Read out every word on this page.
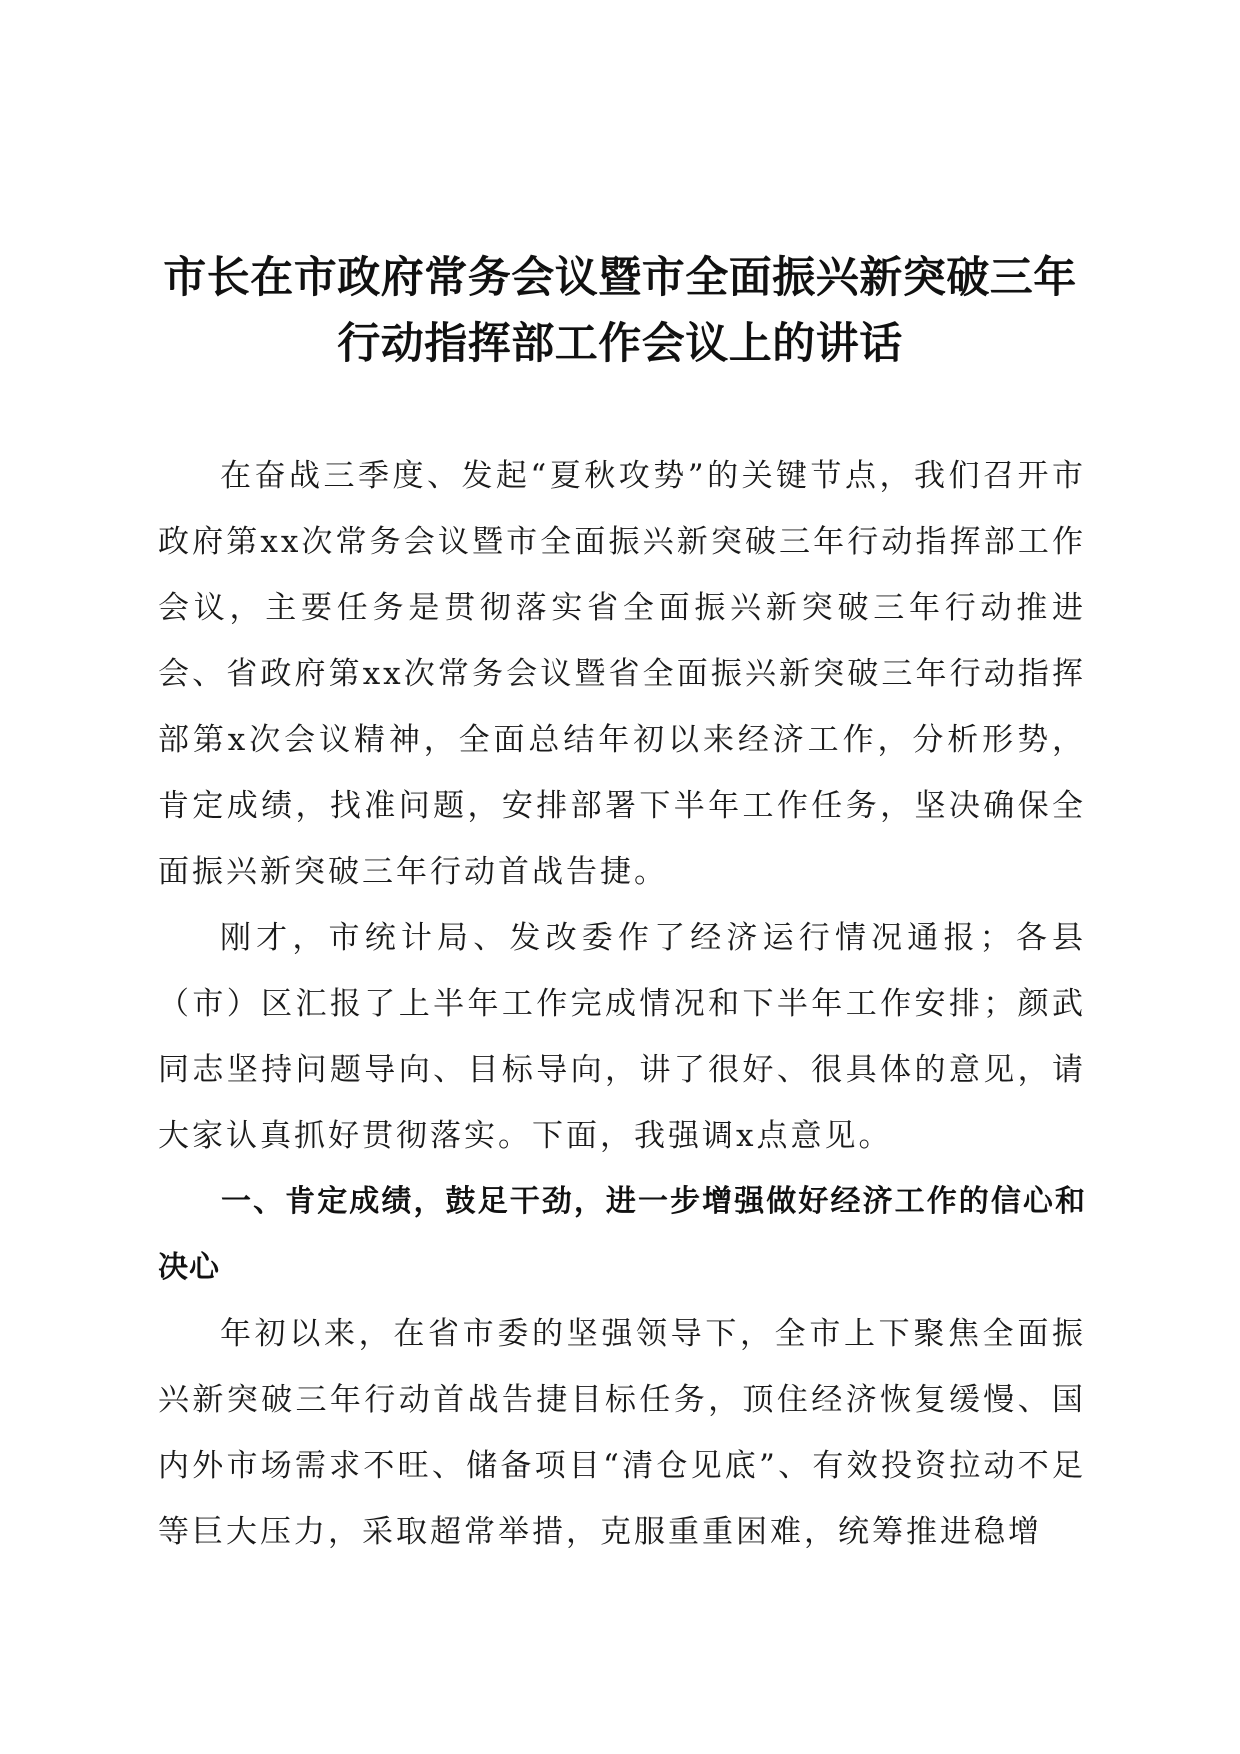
市长在市政府常务会议暨市全面振兴新突破三年行动指挥部工作会议上的讲话

在奋战三季度、发起“夏秋攻势”的关键节点，我们召开市政府第xx次常务会议暨市全面振兴新突破三年行动指挥部工作会议，主要任务是贯彻落实省全面振兴新突破三年行动推进会、省政府第xx次常务会议暨省全面振兴新突破三年行动指挥部第x次会议精神，全面总结年初以来经济工作，分析形势，肯定成绩，找准问题，安排部署下半年工作任务，坚决确保全面振兴新突破三年行动首战告捷。

刚才，市统计局、发改委作了经济运行情况通报；各县（市）区汇报了上半年工作完成情况和下半年工作安排；颜武同志坚持问题导向、目标导向，讲了很好、很具体的意见，请大家认真抓好贯彻落实。下面，我强调x点意见。

一、肯定成绩，鼓足干劲，进一步增强做好经济工作的信心和决心

年初以来，在省市委的坚强领导下，全市上下聚焦全面振兴新突破三年行动首战告捷目标任务，顶住经济恢复缓慢、国内外市场需求不旺、储备项目“清仓见底”、有效投资拉动不足等巨大压力，采取超常举措，克服重重困难，统筹推进稳增
